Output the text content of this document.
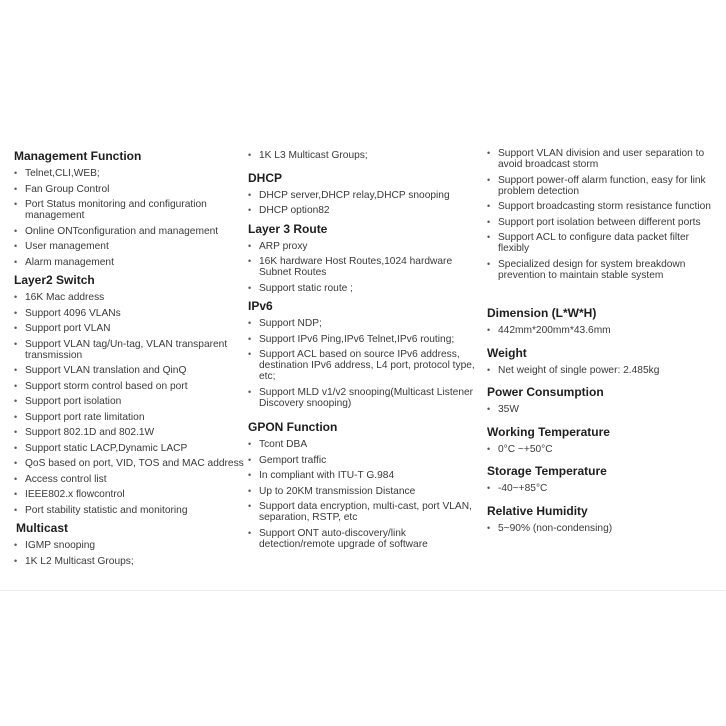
Management Function
• Telnet,CLI,WEB;
• Fan Group Control
• Port Status monitoring and configuration management
• Online ONTconfiguration and management
• User management
• Alarm management
Layer2 Switch
• 16K Mac address
• Support 4096 VLANs
• Support port VLAN
• Support VLAN tag/Un-tag, VLAN transparent transmission
• Support VLAN translation and QinQ
• Support storm control based on port
• Support port isolation
• Support port rate limitation
• Support 802.1D and 802.1W
• Support static LACP,Dynamic LACP
• QoS based on port, VID, TOS and MAC address
• Access control list
• IEEE802.x flowcontrol
• Port stability statistic and monitoring
Multicast
• IGMP snooping
• 1K L2 Multicast Groups;
• 1K L3 Multicast Groups;
DHCP
• DHCP server,DHCP relay,DHCP snooping
• DHCP option82
Layer 3 Route
• ARP proxy
• 16K hardware Host Routes,1024 hardware Subnet Routes
• Support static route ;
IPv6
• Support NDP;
• Support IPv6 Ping,IPv6 Telnet,IPv6 routing;
• Support ACL based on source IPv6 address, destination IPv6 address, L4 port, protocol type, etc;
• Support MLD v1/v2 snooping(Multicast Listener Discovery snooping)
GPON Function
• Tcont DBA
• Gemport traffic
• In compliant with ITU-T G.984
• Up to 20KM transmission Distance
• Support data encryption, multi-cast, port VLAN, separation, RSTP, etc
• Support ONT auto-discovery/link detection/remote upgrade of software
• Support VLAN division and user separation to avoid broadcast storm
• Support power-off alarm function, easy for link problem detection
• Support broadcasting storm resistance function
• Support port isolation between different ports
• Support ACL to configure data packet filter flexibly
• Specialized design for system breakdown prevention to maintain stable system
Dimension (L*W*H)
• 442mm*200mm*43.6mm
Weight
• Net weight of single power: 2.485kg
Power Consumption
• 35W
Working Temperature
• 0°C ~+50°C
Storage Temperature
• -40~+85°C
Relative Humidity
• 5~90% (non-condensing)
